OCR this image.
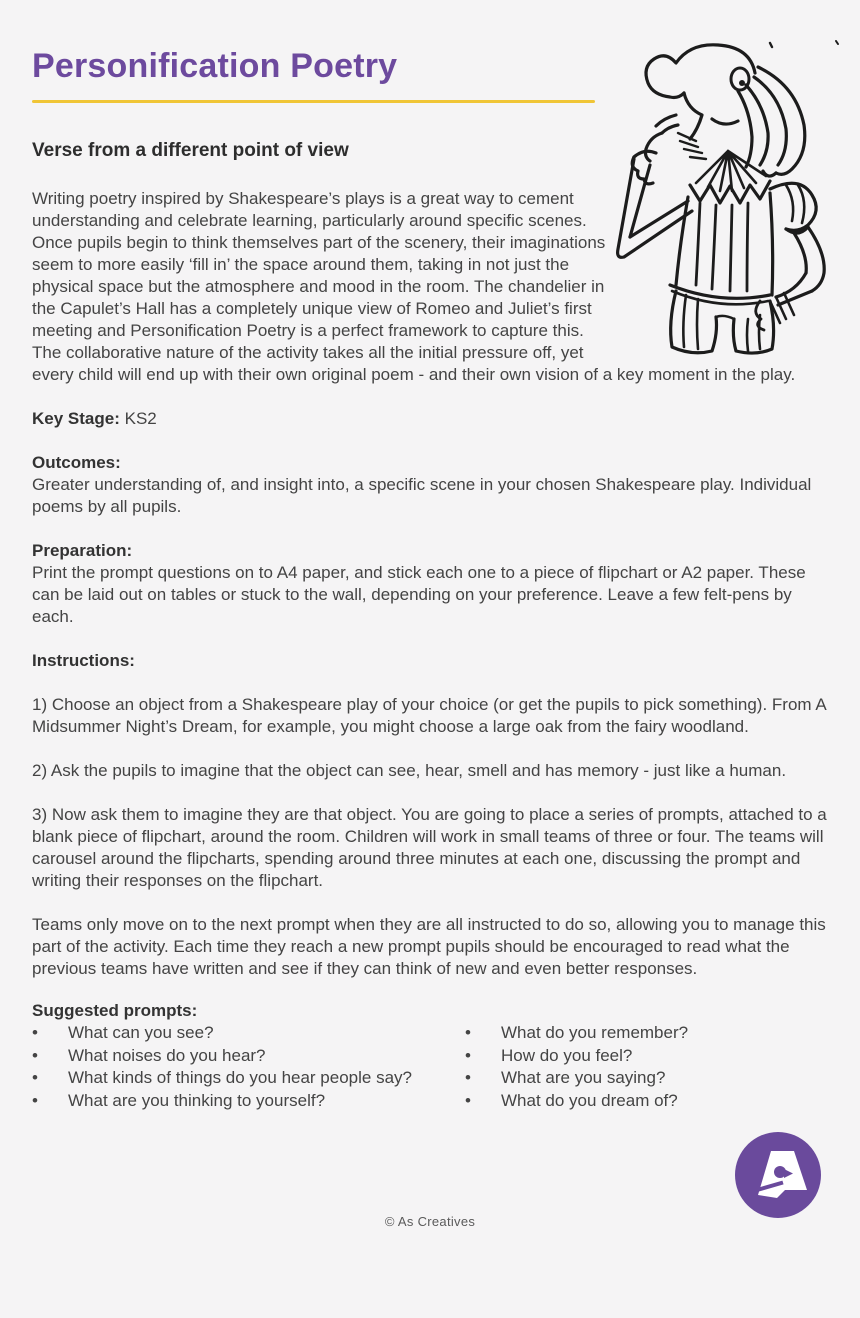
Personification Poetry
Verse from a different point of view

Writing poetry inspired by Shakespeare’s plays is a great way to cement understanding and celebrate learning, particularly around specific scenes. Once pupils begin to think themselves part of the scenery, their imaginations seem to more easily ‘fill in’ the space around them, taking in not just the physical space but the atmosphere and mood in the room. The chandelier in the Capulet’s Hall has a completely unique view of Romeo and Juliet’s first meeting and Personification Poetry is a perfect framework to capture this. The collaborative nature of the activity takes all the initial pressure off, yet every child will end up with their own original poem - and their own vision of a key moment in the play.

Key Stage: KS2

Outcomes:

Greater understanding of, and insight into, a specific scene in your chosen Shakespeare play. Individual poems by all pupils.

Preparation:

Print the prompt questions on to A4 paper, and stick each one to a piece of flipchart or A2 paper. These can be laid out on tables or stuck to the wall, depending on your preference. Leave a few felt-pens by each.

Instructions:

1) Choose an object from a Shakespeare play of your choice (or get the pupils to pick something). From A Midsummer Night’s Dream, for example, you might choose a large oak from the fairy woodland.

2) Ask the pupils to imagine that the object can see, hear, smell and has memory - just like a human.

3) Now ask them to imagine they are that object. You are going to place a series of prompts, attached to a blank piece of flipchart, around the room. Children will work in small teams of three or four. The teams will carousel around the flipcharts, spending around three minutes at each one, discussing the prompt and writing their responses on the flipchart.

Teams only move on to the next prompt when they are all instructed to do so, allowing you to manage this part of the activity. Each time they reach a new prompt pupils should be encouraged to read what the previous teams have written and see if they can think of new and even better responses.

Suggested prompts:
•	What can you see?
•	What noises do you hear?
•	What kinds of things do you hear people say?
•	What are you thinking to yourself?
•	What do you remember?
•	How do you feel?
•	What are you saying?
•	What do you dream of?
© As Creatives
